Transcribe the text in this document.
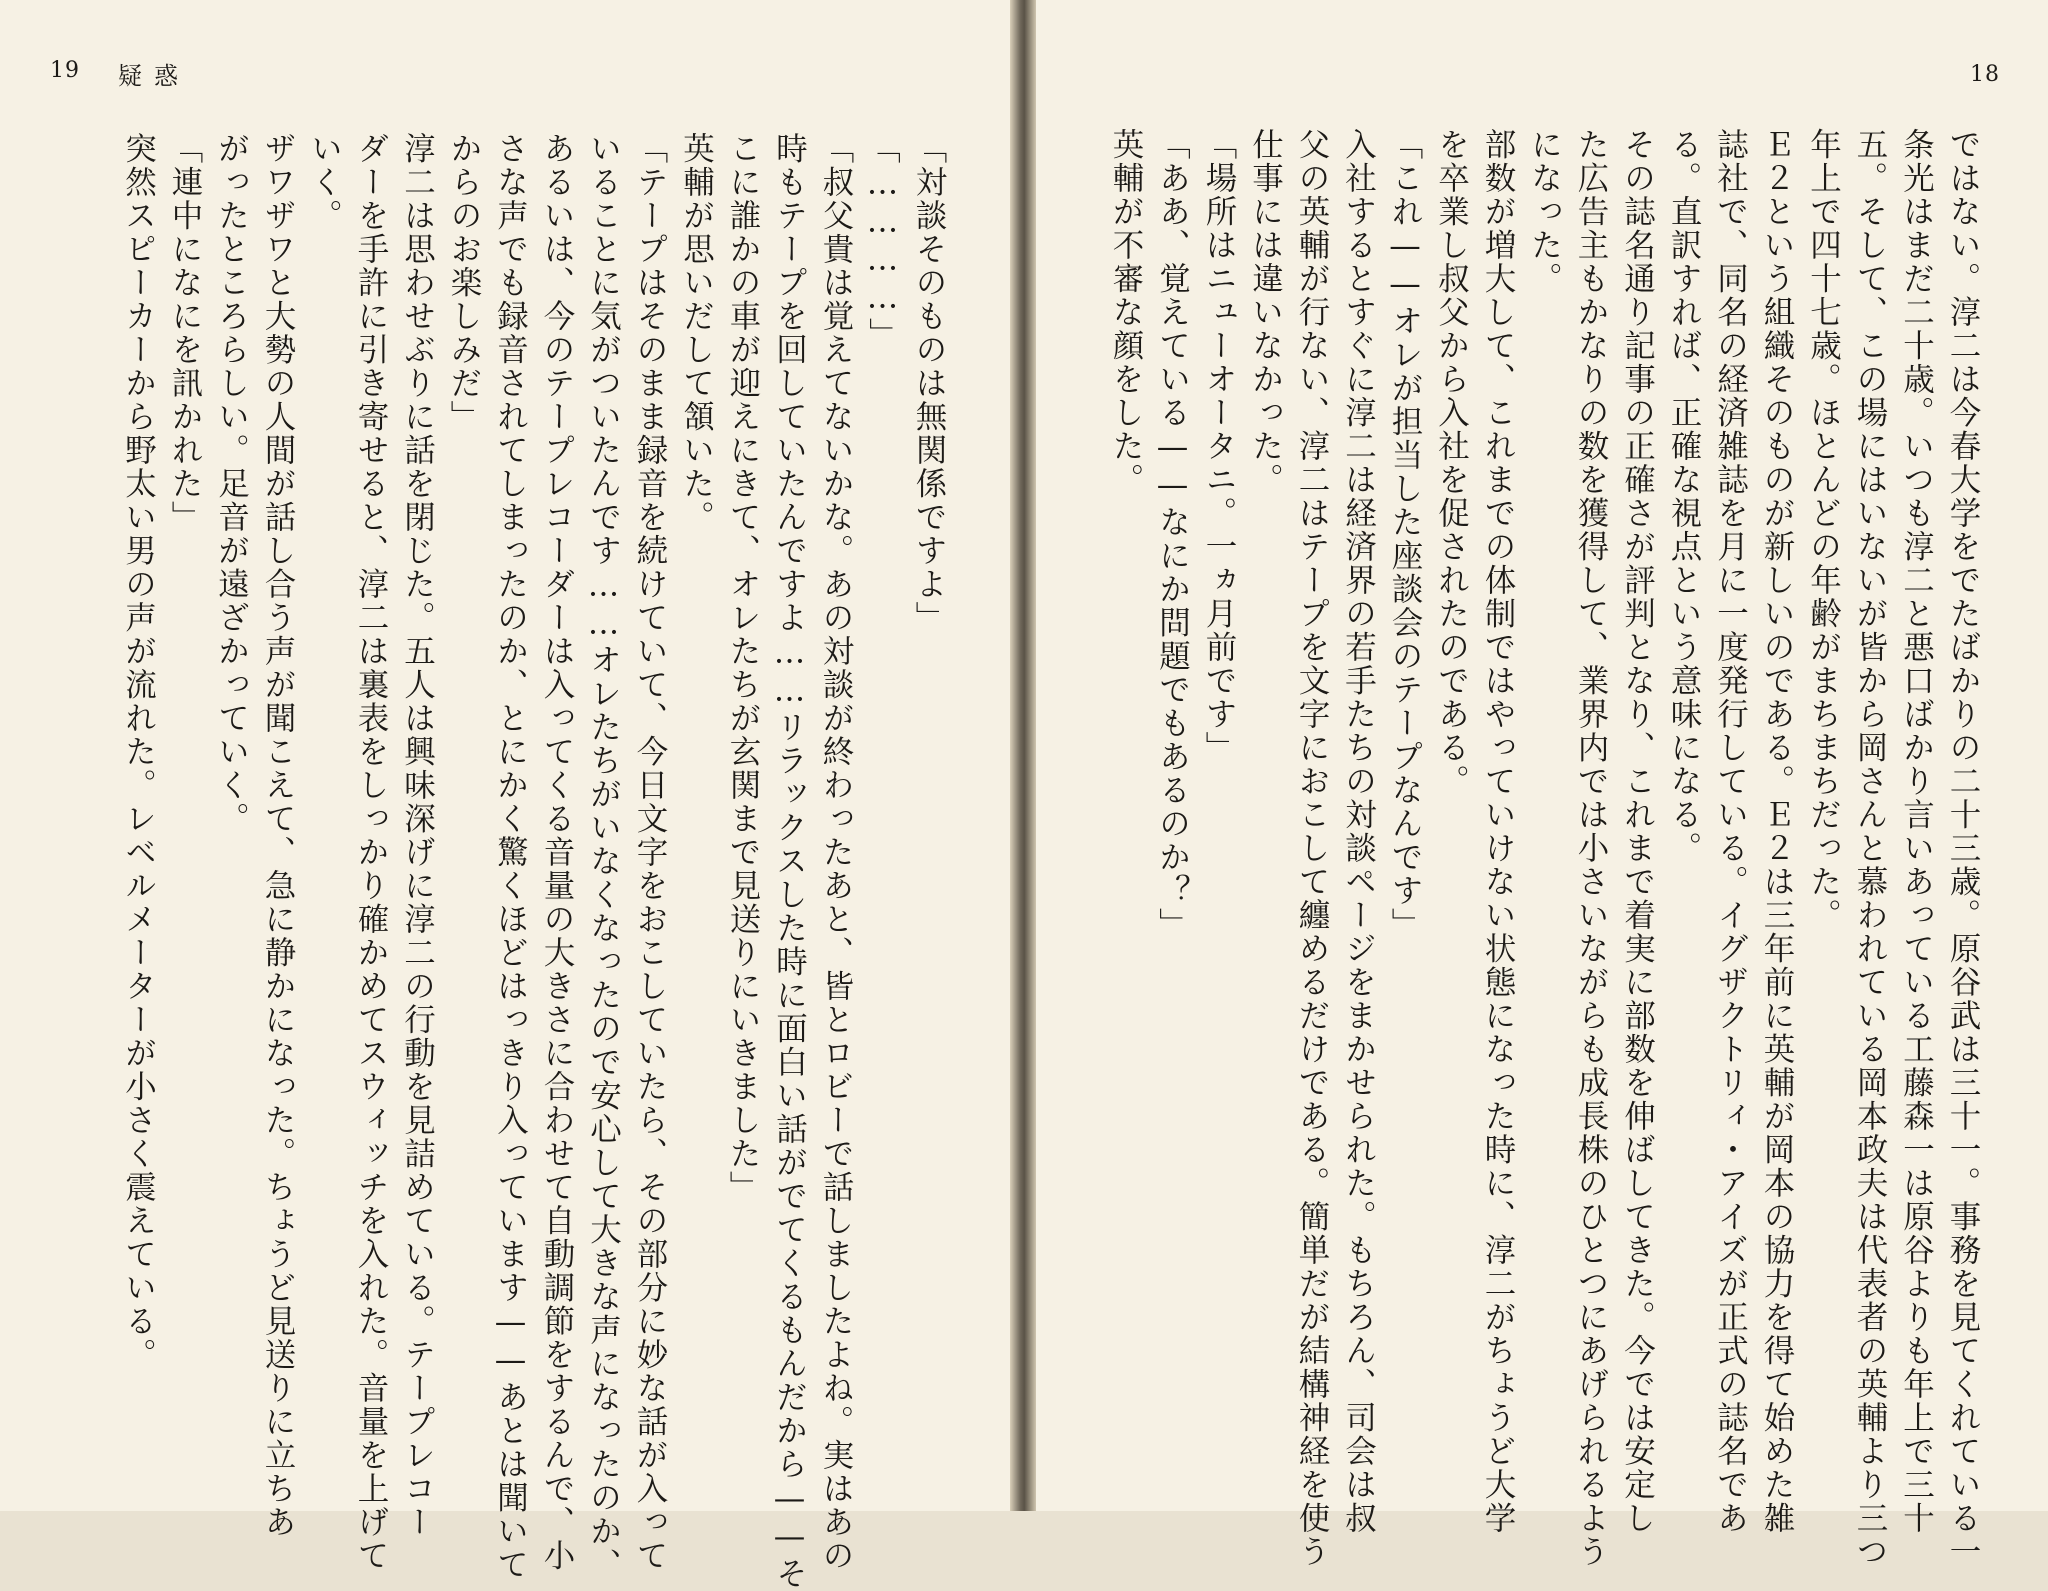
19 疑惑
「対談そのものは無関係ですよ」
「…………」
「叔父貴は覚えてないかな。あの対談が終わったあと、皆とロビーで話しましたよね。実はあの
時もテープを回していたんですよ……リラックスした時に面白い話がでてくるもんだから——そ
こに誰かの車が迎えにきて、オレたちが玄関まで見送りにいきました」
英輔が思いだして頷いた。
「テープはそのまま録音を続けていて、今日文字をおこしていたら、その部分に妙な話が入って
いることに気がついたんです……オレたちがいなくなったので安心して大きな声になったのか、
あるいは、今のテープレコーダーは入ってくる音量の大きさに合わせて自動調節をするんで、小
さな声でも録音されてしまったのか、とにかく驚くほどはっきり入っています——あとは聞いて
からのお楽しみだ」
淳二は思わせぶりに話を閉じた。五人は興味深げに淳二の行動を見詰めている。テープレコー
ダーを手許に引き寄せると、淳二は裏表をしっかり確かめてスウィッチを入れた。音量を上げて
いく。
ザワザワと大勢の人間が話し合う声が聞こえて、急に静かになった。ちょうど見送りに立ちあ
がったところらしい。足音が遠ざかっていく。
「連中になにを訊かれた」
突然スピーカーから野太い男の声が流れた。レベルメーターが小さく震えている。
18
ではない。淳二は今春大学をでたばかりの二十三歳。原谷武は三十一。事務を見てくれている一
条光はまだ二十歳。いつも淳二と悪口ばかり言いあっている工藤森一は原谷よりも年上で三十
五。そして、この場にはいないが皆から岡さんと慕われている岡本政夫は代表者の英輔より三つ
年上で四十七歳。ほとんどの年齢がまちまちだった。
Ｅ２という組織そのものが新しいのである。Ｅ２は三年前に英輔が岡本の協力を得て始めた雑
誌社で、同名の経済雑誌を月に一度発行している。イグザクトリィ・アイズが正式の誌名であ
る。直訳すれば、正確な視点という意味になる。
その誌名通り記事の正確さが評判となり、これまで着実に部数を伸ばしてきた。今では安定し
た広告主もかなりの数を獲得して、業界内では小さいながらも成長株のひとつにあげられるよう
になった。
部数が増大して、これまでの体制ではやっていけない状態になった時に、淳二がちょうど大学
を卒業し叔父から入社を促されたのである。
「これ——オレが担当した座談会のテープなんです」
入社するとすぐに淳二は経済界の若手たちの対談ページをまかせられた。もちろん、司会は叔
父の英輔が行ない、淳二はテープを文字におこして纏めるだけである。簡単だが結構神経を使う
仕事には違いなかった。
「場所はニューオータニ。一ヵ月前です」
「ああ、覚えている——なにか問題でもあるのか？」
英輔が不審な顔をした。
